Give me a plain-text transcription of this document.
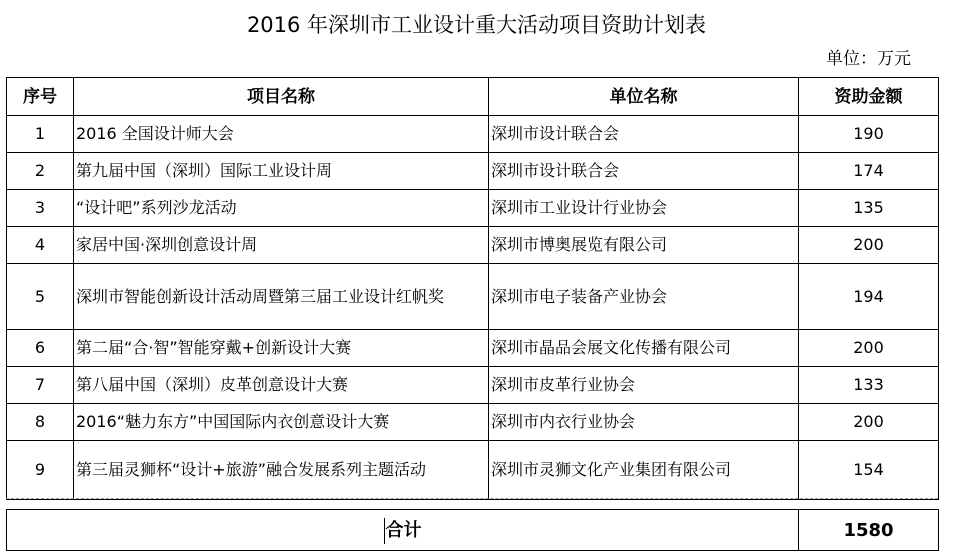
2016 年深圳市工业设计重大活动项目资助计划表
单位：万元
序号	项目名称	单位名称	资助金额
1	2016 全国设计师大会	深圳市设计联合会	190
2	第九届中国（深圳）国际工业设计周	深圳市设计联合会	174
3	“设计吧”系列沙龙活动	深圳市工业设计行业协会	135
4	家居中国·深圳创意设计周	深圳市博奥展览有限公司	200
5	深圳市智能创新设计活动周暨第三届工业设计红帆奖	深圳市电子装备产业协会	194
6	第二届“合·智”智能穿戴+创新设计大赛	深圳市晶品会展文化传播有限公司	200
7	第八届中国（深圳）皮革创意设计大赛	深圳市皮革行业协会	133
8	2016“魅力东方”中国国际内衣创意设计大赛	深圳市内衣行业协会	200
9	第三届灵狮杯“设计+旅游”融合发展系列主题活动	深圳市灵狮文化产业集团有限公司	154
合计	1580
